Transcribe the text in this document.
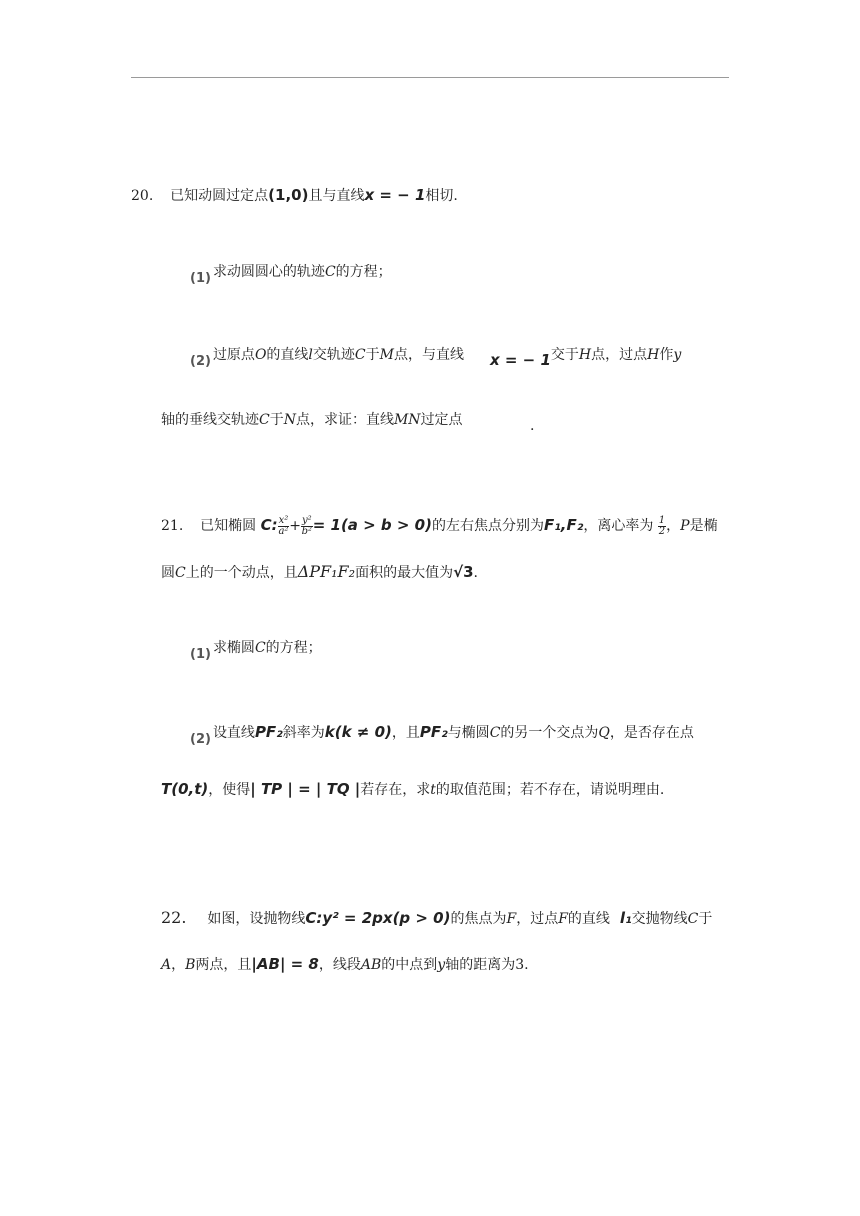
20. 已知动圆过定点(1,0)且与直线x = − 1相切.
(1) 求动圆圆心的轨迹C的方程；
(2) 过原点O的直线l交轨迹C于M点，与直线 x = − 1交于H点，过点H作y
轴的垂线交轨迹C于N点，求证：直线MN过定点	.
21. 已知椭圆 C: $\frac{\text{x²}}{\text{a²}} + \frac{\text{y²}}{\text{b²}} = 1(a > b > 0)$的左右焦点分别为F₁,F₂，离心率为 $\frac{1}{2}$ ，P是椭
圆C上的一个动点，且ΔPF₁F₂面积的最大值为√3.
(1) 求椭圆C的方程；
(2) 设直线PF₂斜率为k(k ≠ 0)，且PF₂与椭圆C的另一个交点为Q，是否存在点
T(0,t)，使得| TP | = | TQ |若存在，求t的取值范围；若不存在，请说明理由.
22. 如图，设抛物线C:y² = 2px(p > 0)的焦点为F，过点F的直线 l₁交抛物线C于
A，B两点，且|AB| = 8，线段AB的中点到y轴的距离为3.
